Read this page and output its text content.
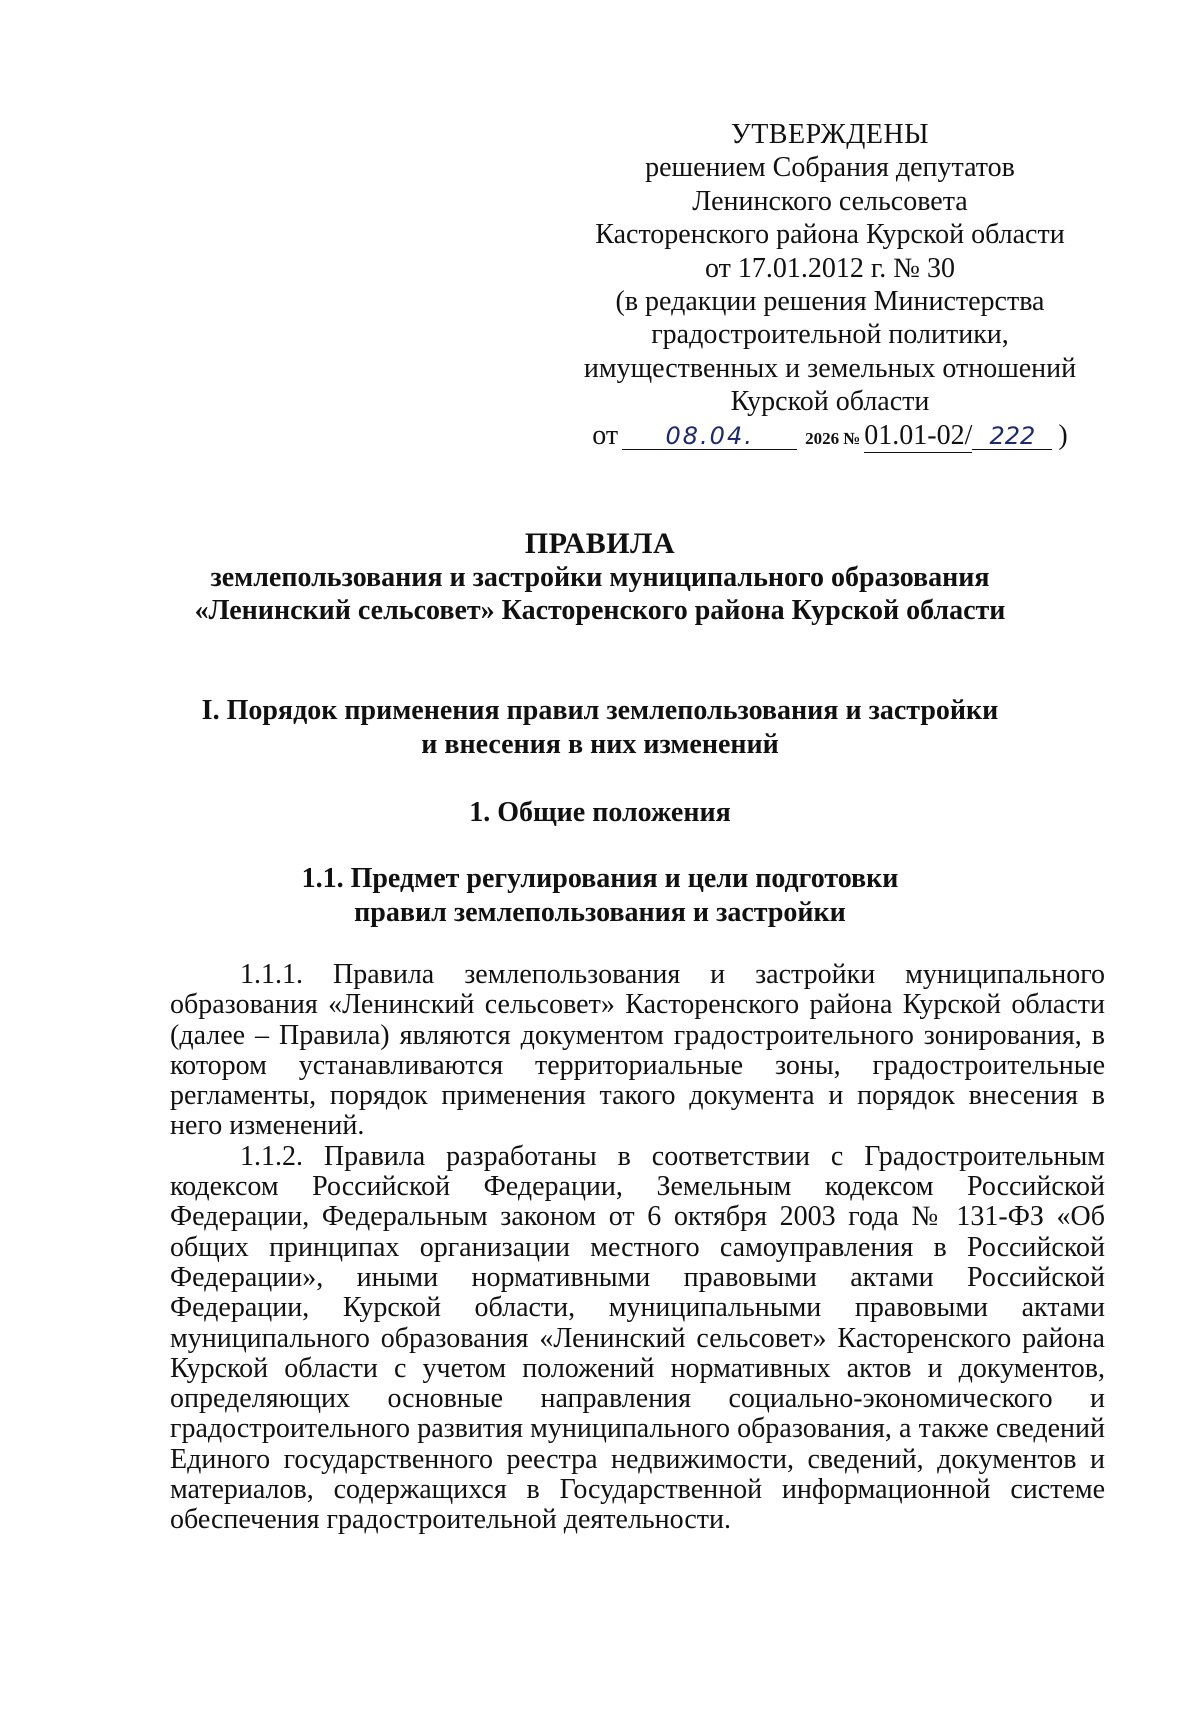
УТВЕРЖДЕНЫ
решением Собрания депутатов
Ленинского сельсовета
Касторенского района Курской области
от 17.01.2012 г. № 30
(в редакции решения Министерства
градостроительной политики,
имущественных и земельных отношений
Курской области
от	08.04.	2026 № 01.01-02/ 222 )
ПРАВИЛА
землепользования и застройки муниципального образования
«Ленинский сельсовет» Касторенского района Курской области
I. Порядок применения правил землепользования и застройки
и внесения в них изменений
1. Общие положения
1.1. Предмет регулирования и цели подготовки
правил землепользования и застройки

1.1.1. Правила землепользования и застройки муниципального образования «Ленинский сельсовет» Касторенского района Курской области (далее – Правила) являются документом градостроительного зонирования, в котором устанавливаются территориальные зоны, градостроительные регламенты, порядок применения такого документа и порядок внесения в него изменений.

1.1.2. Правила разработаны в соответствии с Градостроительным кодексом Российской Федерации, Земельным кодексом Российской Федерации, Федеральным законом от 6 октября 2003 года № 131-ФЗ «Об общих принципах организации местного самоуправления в Российской Федерации», иными нормативными правовыми актами Российской Федерации, Курской области, муниципальными правовыми актами муниципального образования «Ленинский сельсовет» Касторенского района Курской области с учетом положений нормативных актов и документов, определяющих основные направления социально-экономического и градостроительного развития муниципального образования, а также сведений Единого государственного реестра недвижимости, сведений, документов и материалов, содержащихся в Государственной информационной системе обеспечения градостроительной деятельности.
